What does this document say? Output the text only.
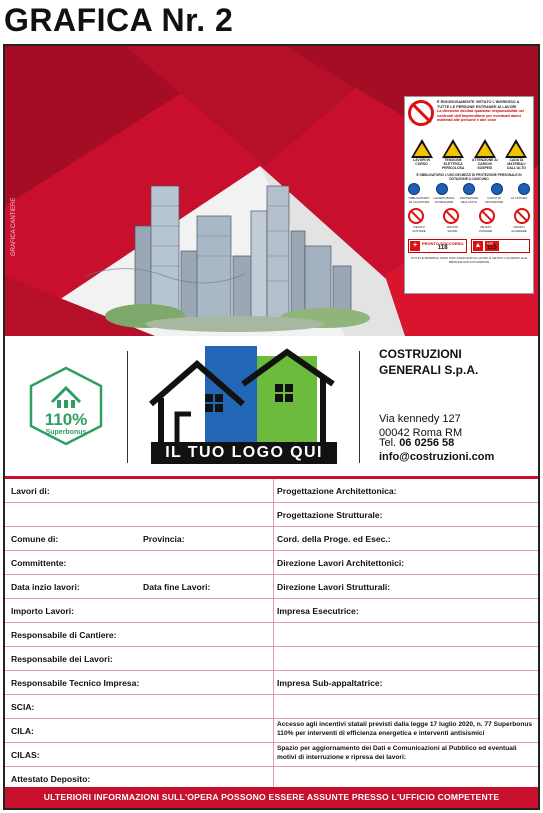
GRAFICA Nr. 2
GRAFICA CANTIERE
È RIGOROSAMENTE VIETATO L'INGRESSO A TUTTE LE PERSONE ESTRANEE AI LAVORI
La direzione declina qualsiasi responsabilità nei confronti dell'Imprenditore per eventuali danni materiali alle persone e alle cose
LAVORI IN CORSO
TENSIONE ELETTRICA PERICOLOSA
ATTENZIONE AI CARICHI SOSPESI
CADUTA MATERIALI DALL'ALTO
È OBBLIGATORIO L'USO DEI MEZZI DI PROTEZIONE PERSONALE IN DOTAZIONE A CIASCUNO
OBBLIGATORIO LE CALZATURE
LAVARSI PRIMA DI MANGIARE
PROTEZIONE DELL'UDITO
CASCO DI PROTEZIONE
LA CINTURA
VIETATO SOSTARE
VIETATO SALIRE
VIETATO PASSARE
VIETATO ACCEDERE
+	PRONTO SOCCORSO
118	▲	V.F.
115
TUTTE LE MATERIALI SONO STATI ASSICURATI AI LAVORI. È VIETATO L'ACCESSO ALLE PERSONE NON AUTORIZZATE
110%
Superbonus
IL TUO LOGO QUI
COSTRUZIONI
GENERALI S.p.A.
Via kennedy 127
00042 Roma RM
Tel. 06 0256 58
info@costruzioni.com
Lavori di:	Progettazione Architettonica:
Progettazione Strutturale:
Comune di:	Provincia:	Cord. della Proge. ed Esec.:
Committente:	Direzione Lavori Architettonici:
Data inzio lavori:	Data fine Lavori:	Direzione Lavori Strutturali:
Importo Lavori:	Impresa Esecutrice:
Responsabile di Cantiere:
Responsabile dei Lavori:
Responsabile Tecnico Impresa:	Impresa Sub-appaltatrice:
SCIA:
CILA:
Accesso agli incentivi statali previsti dalla legge 17 luglio 2020, n. 77 Superbonus 110% per interventi di efficienza energetica e interventi antisismici
CILAS:
Spazio per aggiornamento dei Dati e Comunicazioni al Pubblico ed eventuali motivi di interruzione e ripresa dei lavori:
Attestato Deposito:
ULTERIORI INFORMAZIONI SULL'OPERA POSSONO ESSERE ASSUNTE PRESSO L'UFFICIO COMPETENTE
